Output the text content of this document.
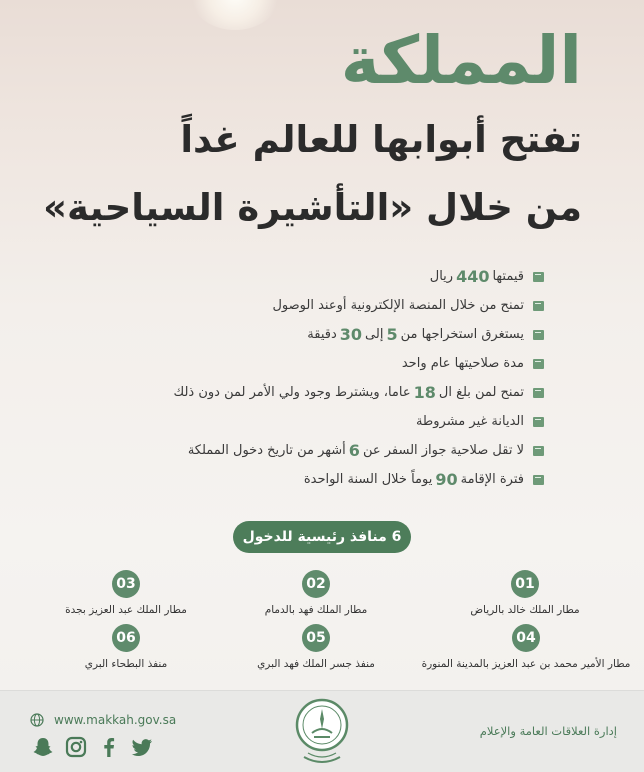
المملكة
تفتح أبوابها للعالم غداً
من خلال «التأشيرة السياحية»
قيمتها
440
ريال
تمنح من خلال المنصة الإلكترونية أوعند الوصول
يستغرق استخراجها من
5
إلى
30
دقيقة
مدة صلاحيتها عام واحد
تمنح لمن بلغ ال
18
عاما، ويشترط وجود ولي الأمر لمن دون ذلك
الديانة غير مشروطة
لا تقل صلاحية جواز السفر عن
6
أشهر من تاريخ دخول المملكة
فترة الإقامة
90
يوماً خلال السنة الواحدة
6 منافذ رئيسية للدخول
01
مطار الملك خالد بالرياض
02
مطار الملك فهد بالدمام
03
مطار الملك عبد العزيز بجدة
04
مطار الأمير محمد بن عبد العزيز بالمدينة المنورة
05
منفذ جسر الملك فهد البري
06
منفذ البطحاء البري
إدارة العلاقات العامة والإعلام
www.makkah.gov.sa
